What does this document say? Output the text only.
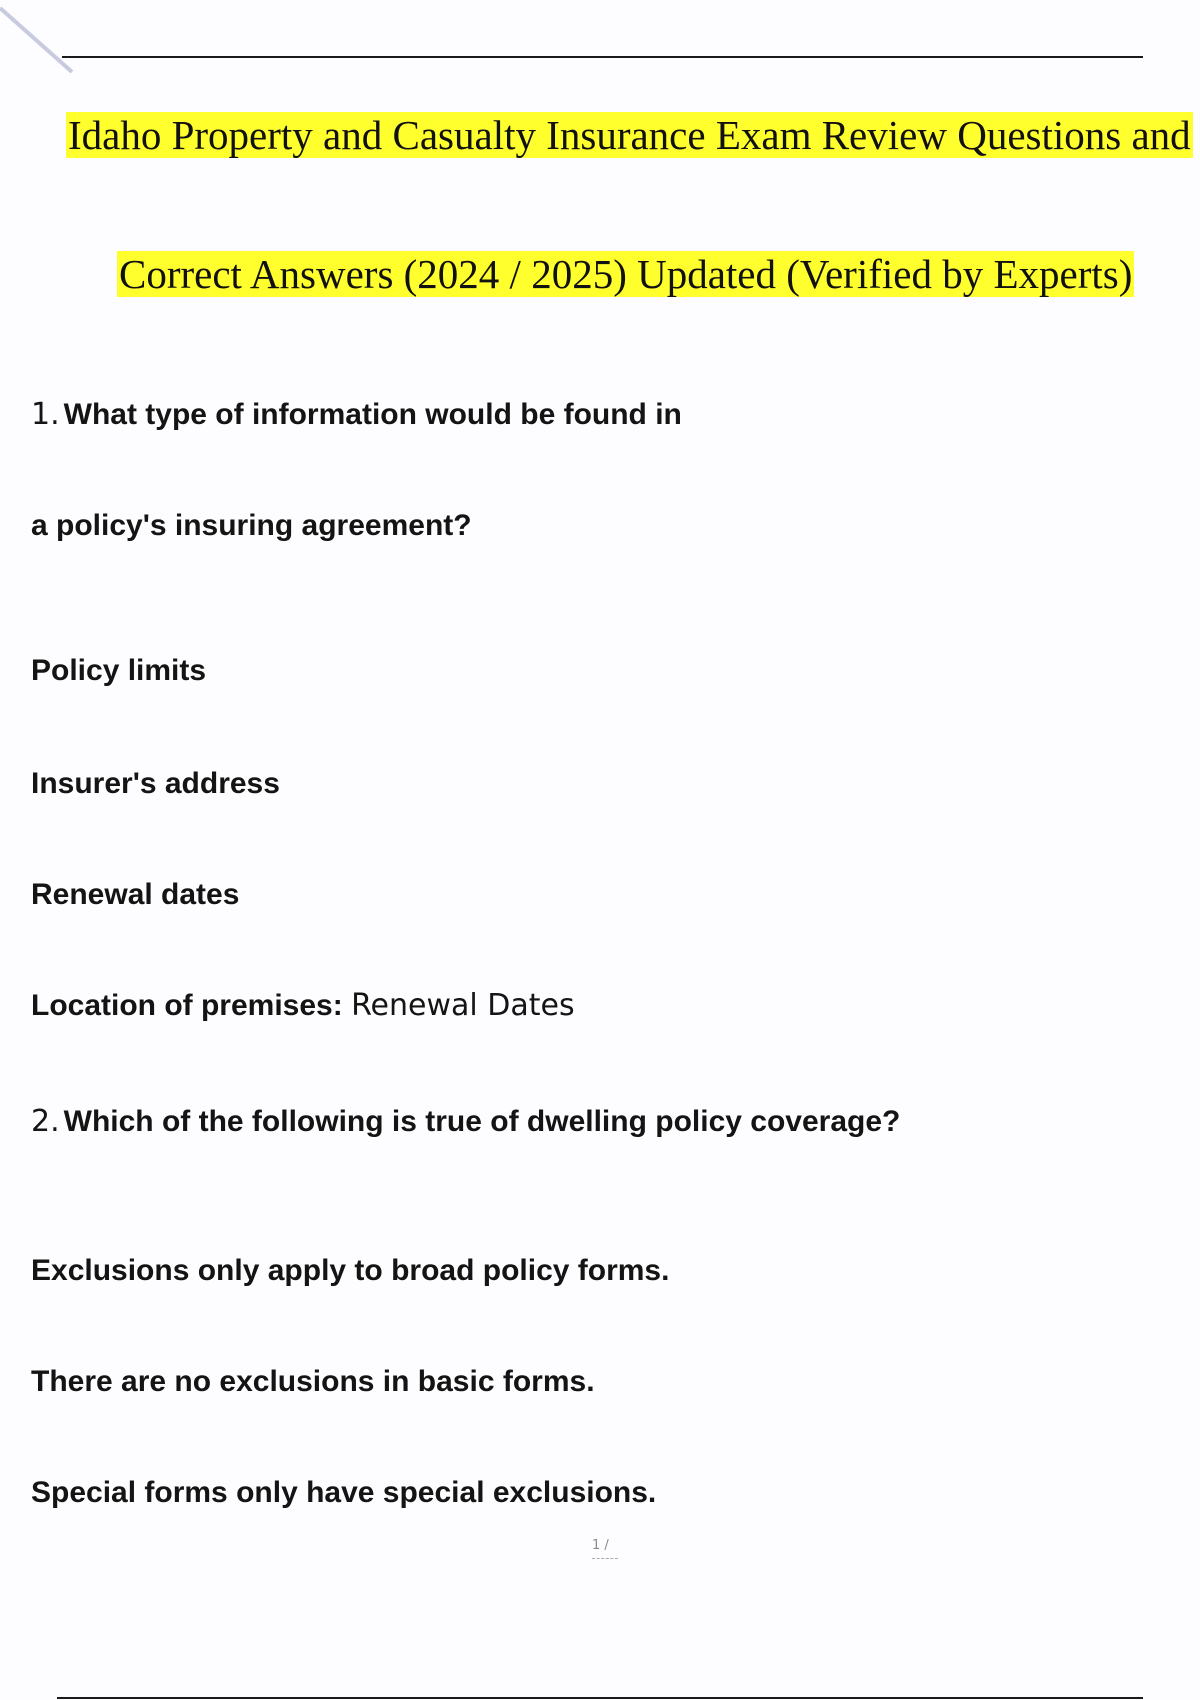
Idaho Property and Casualty Insurance Exam Review Questions and
Correct Answers (2024 / 2025) Updated (Verified by Experts)
1. What type of information would be found in
a policy's insuring agreement?
Policy limits
Insurer's address
Renewal dates
Location of premises: Renewal Dates
2. Which of the following is true of dwelling policy coverage?
Exclusions only apply to broad policy forms.
There are no exclusions in basic forms.
Special forms only have special exclusions.
1 /
